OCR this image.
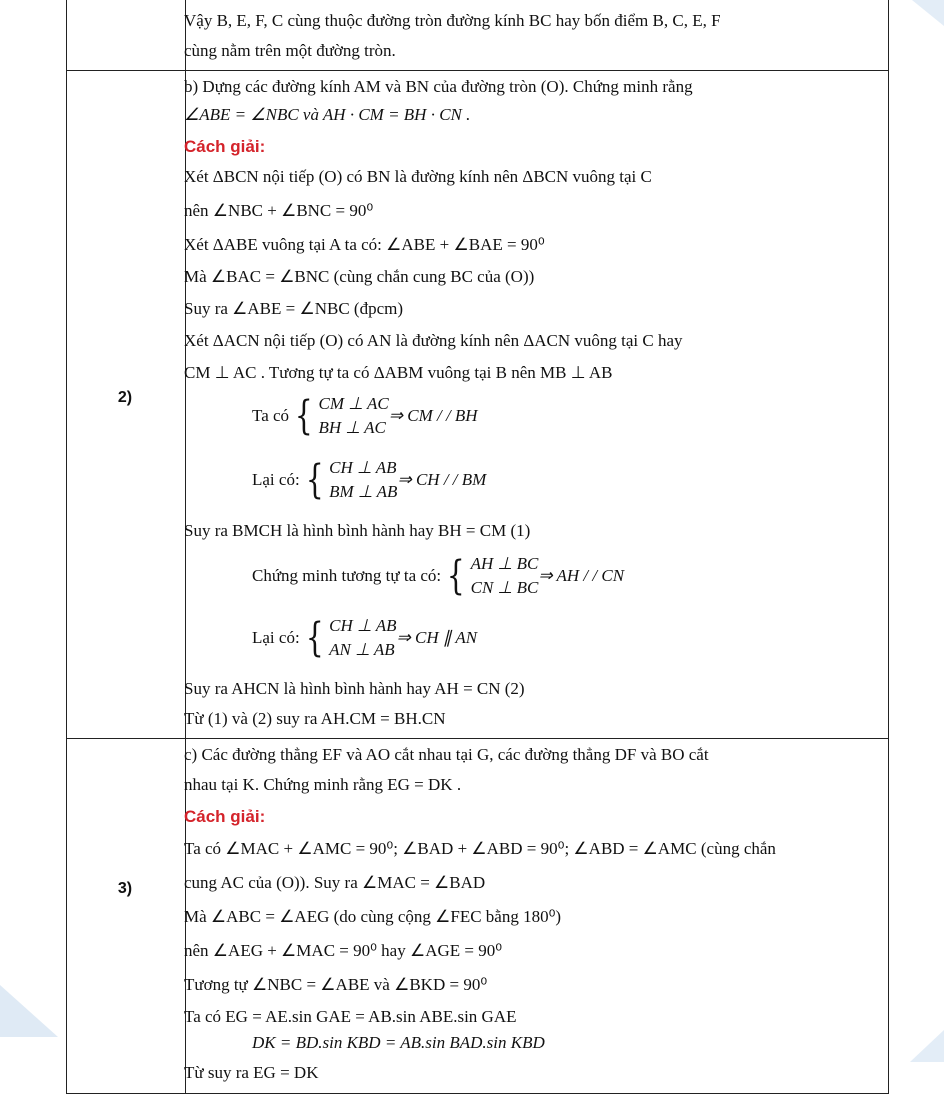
2)
3)
Vậy B, E, F, C cùng thuộc đường tròn đường kính BC hay bốn điểm B, C, E, F
cùng nằm trên một đường tròn.
b) Dựng các đường kính AM và BN của đường tròn (O). Chứng minh rằng
∠ABE = ∠NBC và AH · CM = BH · CN .
Cách giải:
Xét ΔBCN nội tiếp (O) có BN là đường kính nên ΔBCN vuông tại C
nên ∠NBC + ∠BNC = 90⁰
Xét ΔABE vuông tại A ta có: ∠ABE + ∠BAE = 90⁰
Mà ∠BAC = ∠BNC (cùng chắn cung BC của (O))
Suy ra ∠ABE = ∠NBC (đpcm)
Xét ΔACN nội tiếp (O) có AN là đường kính nên ΔACN vuông tại C hay
CM ⊥ AC . Tương tự ta có ΔABM vuông tại B nên MB ⊥ AB
Ta có { CM ⊥ AC
BH ⊥ AC
⇒ CM / / BH
Lại có: { CH ⊥ AB
BM ⊥ AB
⇒ CH / / BM
Suy ra BMCH là hình bình hành hay BH = CM (1)
Chứng minh tương tự ta có: { AH ⊥ BC
CN ⊥ BC
⇒ AH / / CN
Lại có: { CH ⊥ AB
AN ⊥ AB
⇒ CH ∥ AN
Suy ra AHCN là hình bình hành hay AH = CN (2)
Từ (1) và (2) suy ra AH.CM = BH.CN
c) Các đường thẳng EF và AO cắt nhau tại G, các đường thẳng DF và BO cắt
nhau tại K. Chứng minh rằng EG = DK .
Cách giải:
Ta có ∠MAC + ∠AMC = 90⁰; ∠BAD + ∠ABD = 90⁰; ∠ABD = ∠AMC (cùng chắn
cung AC của (O)). Suy ra ∠MAC = ∠BAD
Mà ∠ABC = ∠AEG (do cùng cộng ∠FEC bằng 180⁰)
nên ∠AEG + ∠MAC = 90⁰ hay ∠AGE = 90⁰
Tương tự ∠NBC = ∠ABE và ∠BKD = 90⁰
Ta có EG = AE.sin GAE = AB.sin ABE.sin GAE
DK = BD.sin KBD = AB.sin BAD.sin KBD
Từ suy ra EG = DK
